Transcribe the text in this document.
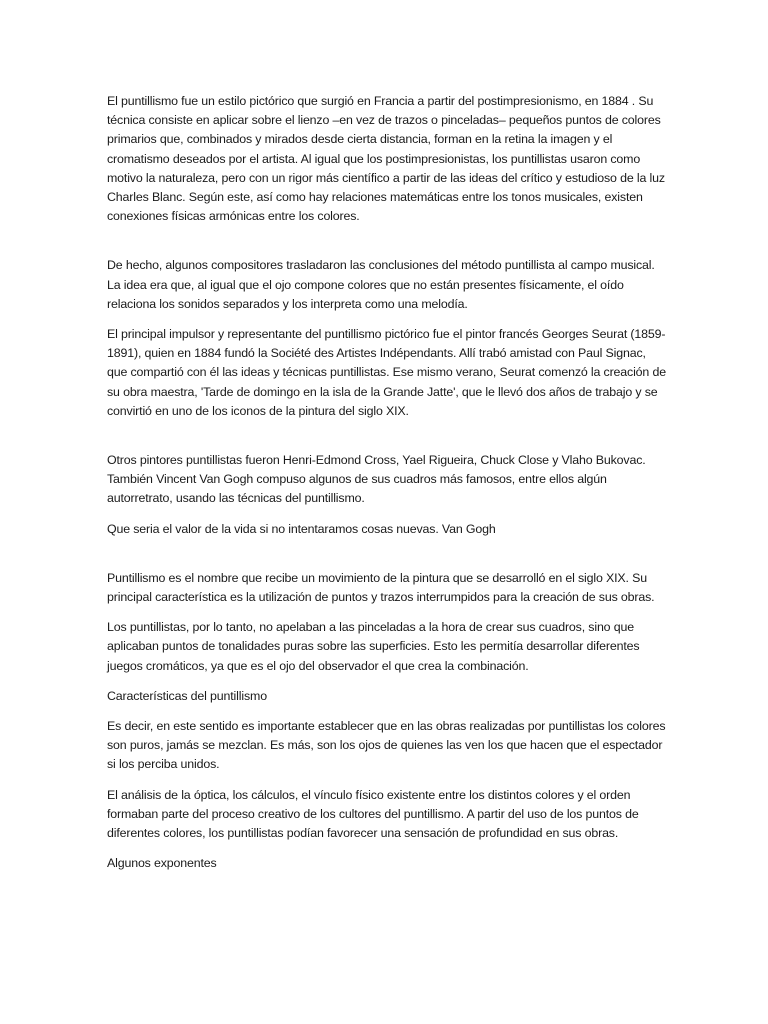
El puntillismo fue un estilo pictórico que surgió en Francia a partir del postimpresionismo, en 1884 . Su técnica consiste en aplicar sobre el lienzo –en vez de trazos o pinceladas– pequeños puntos de colores primarios que, combinados y mirados desde cierta distancia, forman en la retina la imagen y el cromatismo deseados por el artista. Al igual que los postimpresionistas, los puntillistas usaron como motivo la naturaleza, pero con un rigor más científico a partir de las ideas del crítico y estudioso de la luz Charles Blanc. Según este, así como hay relaciones matemáticas entre los tonos musicales, existen conexiones físicas armónicas entre los colores.

De hecho, algunos compositores trasladaron las conclusiones del método puntillista al campo musical. La idea era que, al igual que el ojo compone colores que no están presentes físicamente, el oído relaciona los sonidos separados y los interpreta como una melodía.

El principal impulsor y representante del puntillismo pictórico fue el pintor francés Georges Seurat (1859-1891), quien en 1884 fundó la Société des Artistes Indépendants. Allí trabó amistad con Paul Signac, que compartió con él las ideas y técnicas puntillistas. Ese mismo verano, Seurat comenzó la creación de su obra maestra, 'Tarde de domingo en la isla de la Grande Jatte', que le llevó dos años de trabajo y se convirtió en uno de los iconos de la pintura del siglo XIX.

Otros pintores puntillistas fueron Henri-Edmond Cross, Yael Rigueira, Chuck Close y Vlaho Bukovac. También Vincent Van Gogh compuso algunos de sus cuadros más famosos, entre ellos algún autorretrato, usando las técnicas del puntillismo.

Que seria el valor de la vida si no intentaramos cosas nuevas. Van Gogh

Puntillismo es el nombre que recibe un movimiento de la pintura que se desarrolló en el siglo XIX. Su principal característica es la utilización de puntos y trazos interrumpidos para la creación de sus obras.

Los puntillistas, por lo tanto, no apelaban a las pinceladas a la hora de crear sus cuadros, sino que aplicaban puntos de tonalidades puras sobre las superficies. Esto les permitía desarrollar diferentes juegos cromáticos, ya que es el ojo del observador el que crea la combinación.

Características del puntillismo

Es decir, en este sentido es importante establecer que en las obras realizadas por puntillistas los colores son puros, jamás se mezclan. Es más, son los ojos de quienes las ven los que hacen que el espectador si los perciba unidos.

El análisis de la óptica, los cálculos, el vínculo físico existente entre los distintos colores y el orden formaban parte del proceso creativo de los cultores del puntillismo. A partir del uso de los puntos de diferentes colores, los puntillistas podían favorecer una sensación de profundidad en sus obras.

Algunos exponentes
